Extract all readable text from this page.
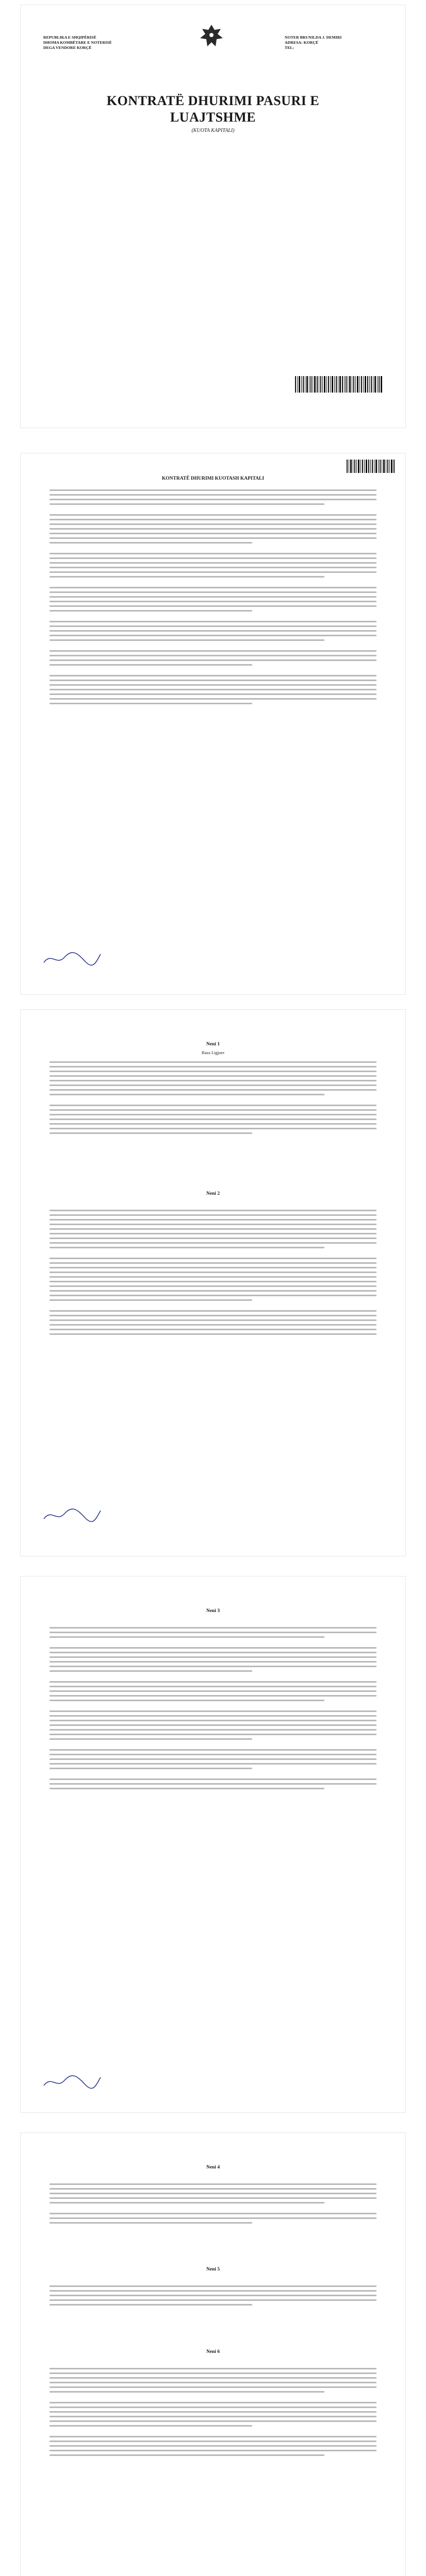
REPUBLIKA E SHQIPËRISË
DHOMA KOMBËTARE E NOTERISË
DEGA VENDORE KORÇË
NOTER BRUNILDA J. DEMIRI
ADRESA: KORÇË
TEL:
KONTRATË DHURIMI PASURI E
LUAJTSHME
(KUOTA KAPITALI)
KONTRATË DHURIMI KUOTASH KAPITALI
Neni 1
Baza Ligjore
Neni 2
Neni 3
Neni 4
Neni 5
Neni 6
